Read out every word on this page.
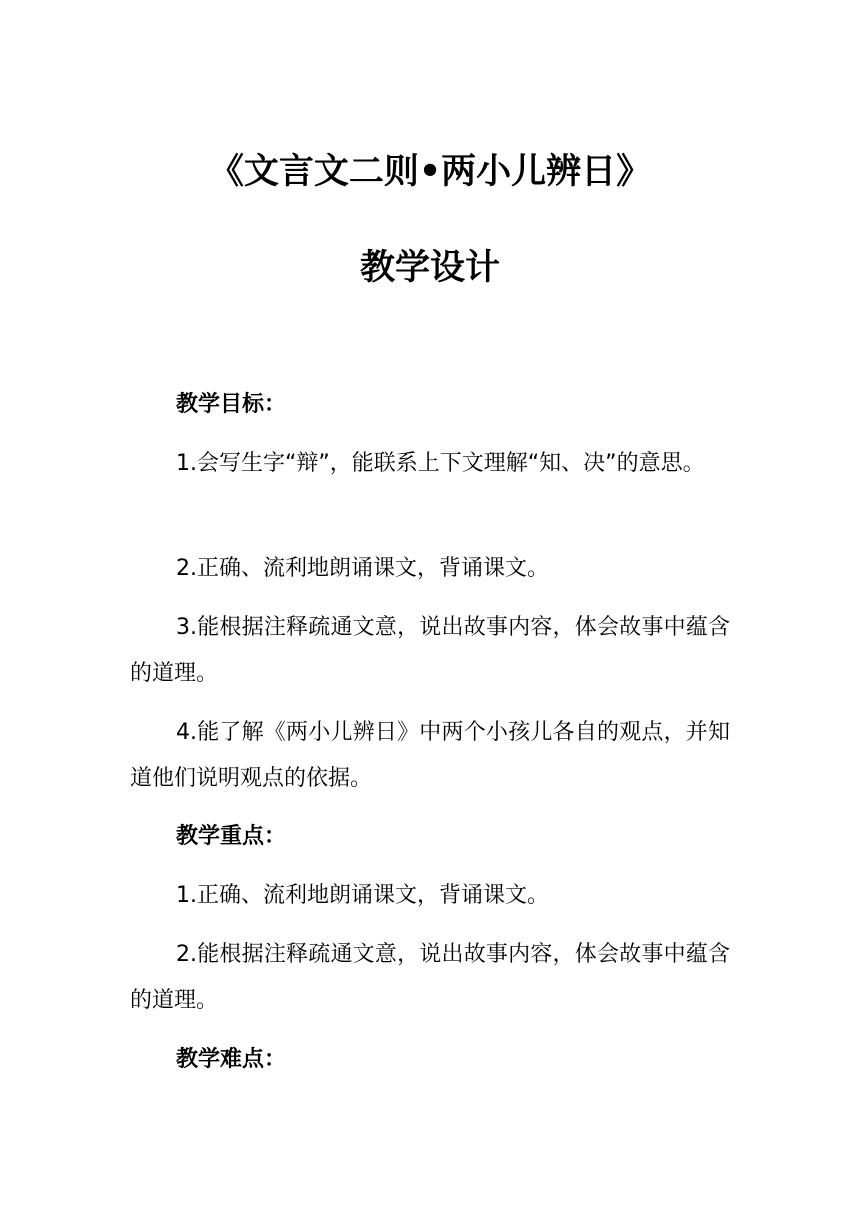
《文言文二则•两小儿辨日》
教学设计

教学目标：

1.会写生字“辩”，能联系上下文理解“知、决”的意思。

2.正确、流利地朗诵课文，背诵课文。

3.能根据注释疏通文意，说出故事内容，体会故事中蕴含的道理。

4.能了解《两小儿辨日》中两个小孩儿各自的观点，并知道他们说明观点的依据。

教学重点：

1.正确、流利地朗诵课文，背诵课文。

2.能根据注释疏通文意，说出故事内容，体会故事中蕴含的道理。

教学难点：
